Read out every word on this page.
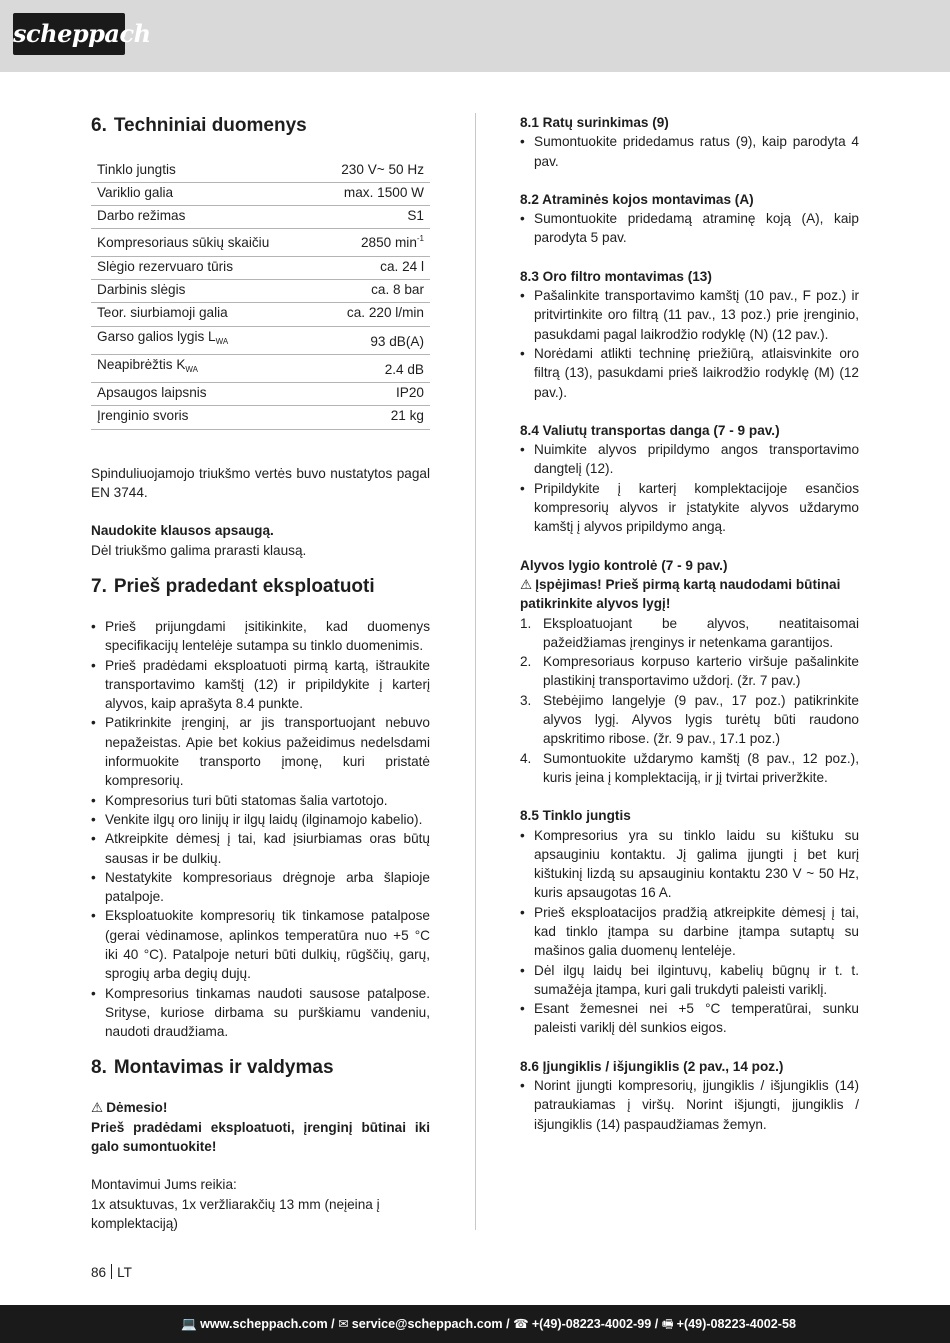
scheppach
6. Techniniai duomenys
Tinklo jungtis	230 V~ 50 Hz
Variklio galia	max. 1500 W
Darbo režimas	S1
Kompresoriaus sūkių skaičiu	2850 $\min^{-1}$
Slėgio rezervuaro tūris	ca. 24 l
Darbinis slėgis	ca. 8 bar
Teor. siurbiamoji galia	ca. 220 l/min
Garso galios lygis $L_{WA}$	93 dB(A)
Neapibrėžtis $K_{WA}$	2.4 dB
Apsaugos laipsnis	IP20
Įrenginio svoris	21 kg

Spinduliuojamojo triukšmo vertės buvo nustatytos pagal EN 3744.

Naudokite klausos apsaugą.

Dėl triukšmo galima prarasti klausą.

7. Prieš pradedant eksploatuoti
• Prieš prijungdami įsitikinkite, kad duomenys specifikacijų lentelėje sutampa su tinklo duomenimis.
• Prieš pradėdami eksploatuoti pirmą kartą, ištraukite transportavimo kamštį (12) ir pripildykite į karterį alyvos, kaip aprašyta 8.4 punkte.
• Patikrinkite įrenginį, ar jis transportuojant nebuvo nepažeistas. Apie bet kokius pažeidimus nedelsdami informuokite transporto įmonę, kuri pristatė kompresorių.
• Kompresorius turi būti statomas šalia vartotojo.
• Venkite ilgų oro linijų ir ilgų laidų (ilginamojo kabelio).
• Atkreipkite dėmesį į tai, kad įsiurbiamas oras būtų sausas ir be dulkių.
• Nestatykite kompresoriaus drėgnoje arba šlapioje patalpoje.
• Eksploatuokite kompresorių tik tinkamose patalpose (gerai vėdinamose, aplinkos temperatūra nuo +5 °C iki 40 °C). Patalpoje neturi būti dulkių, rūgščių, garų, sprogių arba degių dujų.
• Kompresorius tinkamas naudoti sausose patalpose. Srityse, kuriose dirbama su purškiamu vandeniu, naudoti draudžiama.
8. Montavimas ir valdymas

⚠ Dėmesio!

Prieš pradėdami eksploatuoti, įrenginį būtinai iki galo sumontuokite!

Montavimui Jums reikia:

1x atsuktuvas, 1x veržliarakčių 13 mm (neįeina į komplektaciją)

8.1 Ratų surinkimas (9)
• Sumontuokite pridedamus ratus (9), kaip parodyta 4 pav.
8.2 Atraminės kojos montavimas (A)
• Sumontuokite pridedamą atraminę koją (A), kaip parodyta 5 pav.
8.3 Oro filtro montavimas (13)
• Pašalinkite transportavimo kamštį (10 pav., F poz.) ir pritvirtinkite oro filtrą (11 pav., 13 poz.) prie įrenginio, pasukdami pagal laikrodžio rodyklę (N) (12 pav.).
• Norėdami atlikti techninę priežiūrą, atlaisvinkite oro filtrą (13), pasukdami prieš laikrodžio rodyklę (M) (12 pav.).
8.4 Valiutų transportas danga (7 - 9 pav.)
• Nuimkite alyvos pripildymo angos transportavimo dangtelį (12).
• Pripildykite į karterį komplektacijoje esančios kompresorių alyvos ir įstatykite alyvos uždarymo kamštį į alyvos pripildymo angą.
Alyvos lygio kontrolė (7 - 9 pav.)

⚠ Įspėjimas! Prieš pirmą kartą naudodami būtinai patikrinkite alyvos lygį!

1. Eksploatuojant be alyvos, neatitaisomai pažeidžiamas įrenginys ir netenkama garantijos.
2. Kompresoriaus korpuso karterio viršuje pašalinkite plastikinį transportavimo uždorį. (žr. 7 pav.)
3. Stebėjimo langelyje (9 pav., 17 poz.) patikrinkite alyvos lygį. Alyvos lygis turėtų būti raudono apskritimo ribose. (žr. 9 pav., 17.1 poz.)
4. Sumontuokite uždarymo kamštį (8 pav., 12 poz.), kuris įeina į komplektaciją, ir jį tvirtai priveržkite.
8.5 Tinklo jungtis
• Kompresorius yra su tinklo laidu su kištuku su apsauginiu kontaktu. Jį galima įjungti į bet kurį kištukinį lizdą su apsauginiu kontaktu 230 V ~ 50 Hz, kuris apsaugotas 16 A.
• Prieš eksploatacijos pradžią atkreipkite dėmesį į tai, kad tinklo įtampa su darbine įtampa sutaptų su mašinos galia duomenų lentelėje.
• Dėl ilgų laidų bei ilgintuvų, kabelių būgnų ir t. t. sumažėja įtampa, kuri gali trukdyti paleisti variklį.
• Esant žemesnei nei +5 °C temperatūrai, sunku paleisti variklį dėl sunkios eigos.
8.6 Įjungiklis / išjungiklis (2 pav., 14 poz.)
• Norint įjungti kompresorių, įjungiklis / išjungiklis (14) patraukiamas į viršų. Norint išjungti, įjungiklis / išjungiklis (14) paspaudžiamas žemyn.
86 LT
💻 www.scheppach.com / ✉ service@scheppach.com / ☎ +(49)-08223-4002-99 / 🖷 +(49)-08223-4002-58
